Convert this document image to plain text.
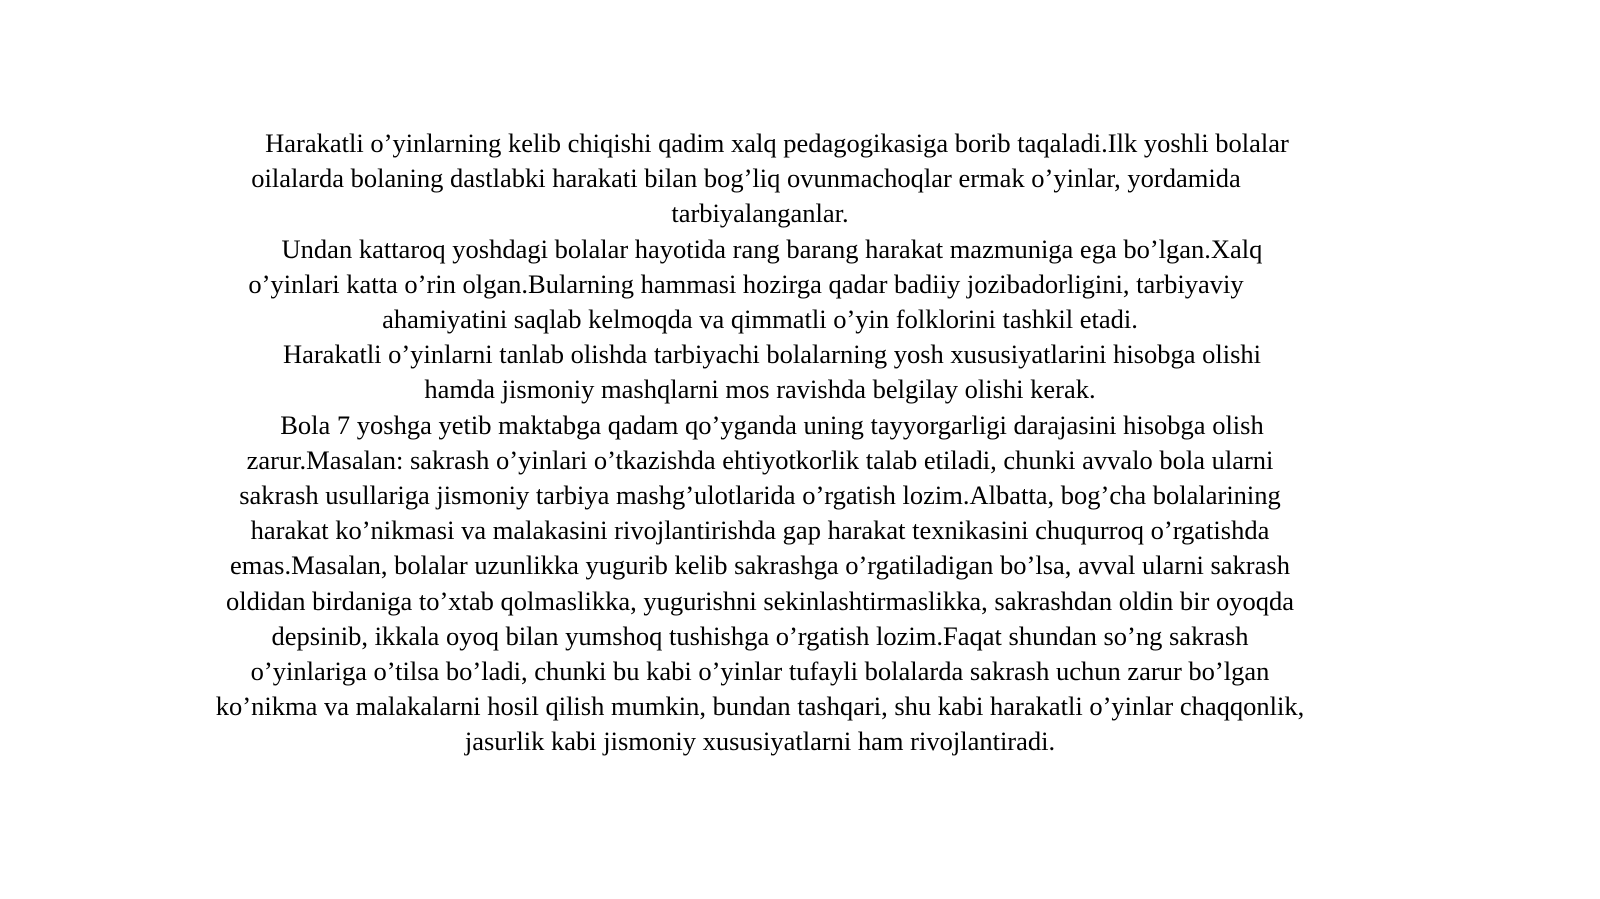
Harakatli o’yinlarning kelib chiqishi qadim xalq pedagogikasiga borib taqaladi.Ilk yoshli bolalar
oilalarda bolaning dastlabki harakati bilan bog’liq ovunmachoqlar ermak o’yinlar, yordamida
tarbiyalanganlar.
Undan kattaroq yoshdagi bolalar hayotida rang barang harakat mazmuniga ega bo’lgan.Xalq
o’yinlari katta o’rin olgan.Bularning hammasi hozirga qadar badiiy jozibadorligini, tarbiyaviy
ahamiyatini saqlab kelmoqda va qimmatli o’yin folklorini tashkil etadi.
Harakatli o’yinlarni tanlab olishda tarbiyachi bolalarning yosh xususiyatlarini hisobga olishi
hamda jismoniy mashqlarni mos ravishda belgilay olishi kerak.
Bola 7 yoshga yetib maktabga qadam qo’yganda uning tayyorgarligi darajasini hisobga olish
zarur.Masalan: sakrash o’yinlari o’tkazishda ehtiyotkorlik talab etiladi, chunki avvalo bola ularni
sakrash usullariga jismoniy tarbiya mashg’ulotlarida o’rgatish lozim.Albatta, bog’cha bolalarining
harakat ko’nikmasi va malakasini rivojlantirishda gap harakat texnikasini chuqurroq o’rgatishda
emas.Masalan, bolalar uzunlikka yugurib kelib sakrashga o’rgatiladigan bo’lsa, avval ularni sakrash
oldidan birdaniga to’xtab qolmaslikka, yugurishni sekinlashtirmaslikka, sakrashdan oldin bir oyoqda
depsinib, ikkala oyoq bilan yumshoq tushishga o’rgatish lozim.Faqat shundan so’ng sakrash
o’yinlariga o’tilsa bo’ladi, chunki bu kabi o’yinlar tufayli bolalarda sakrash uchun zarur bo’lgan
ko’nikma va malakalarni hosil qilish mumkin, bundan tashqari, shu kabi harakatli o’yinlar chaqqonlik,
jasurlik kabi jismoniy xususiyatlarni ham rivojlantiradi.
